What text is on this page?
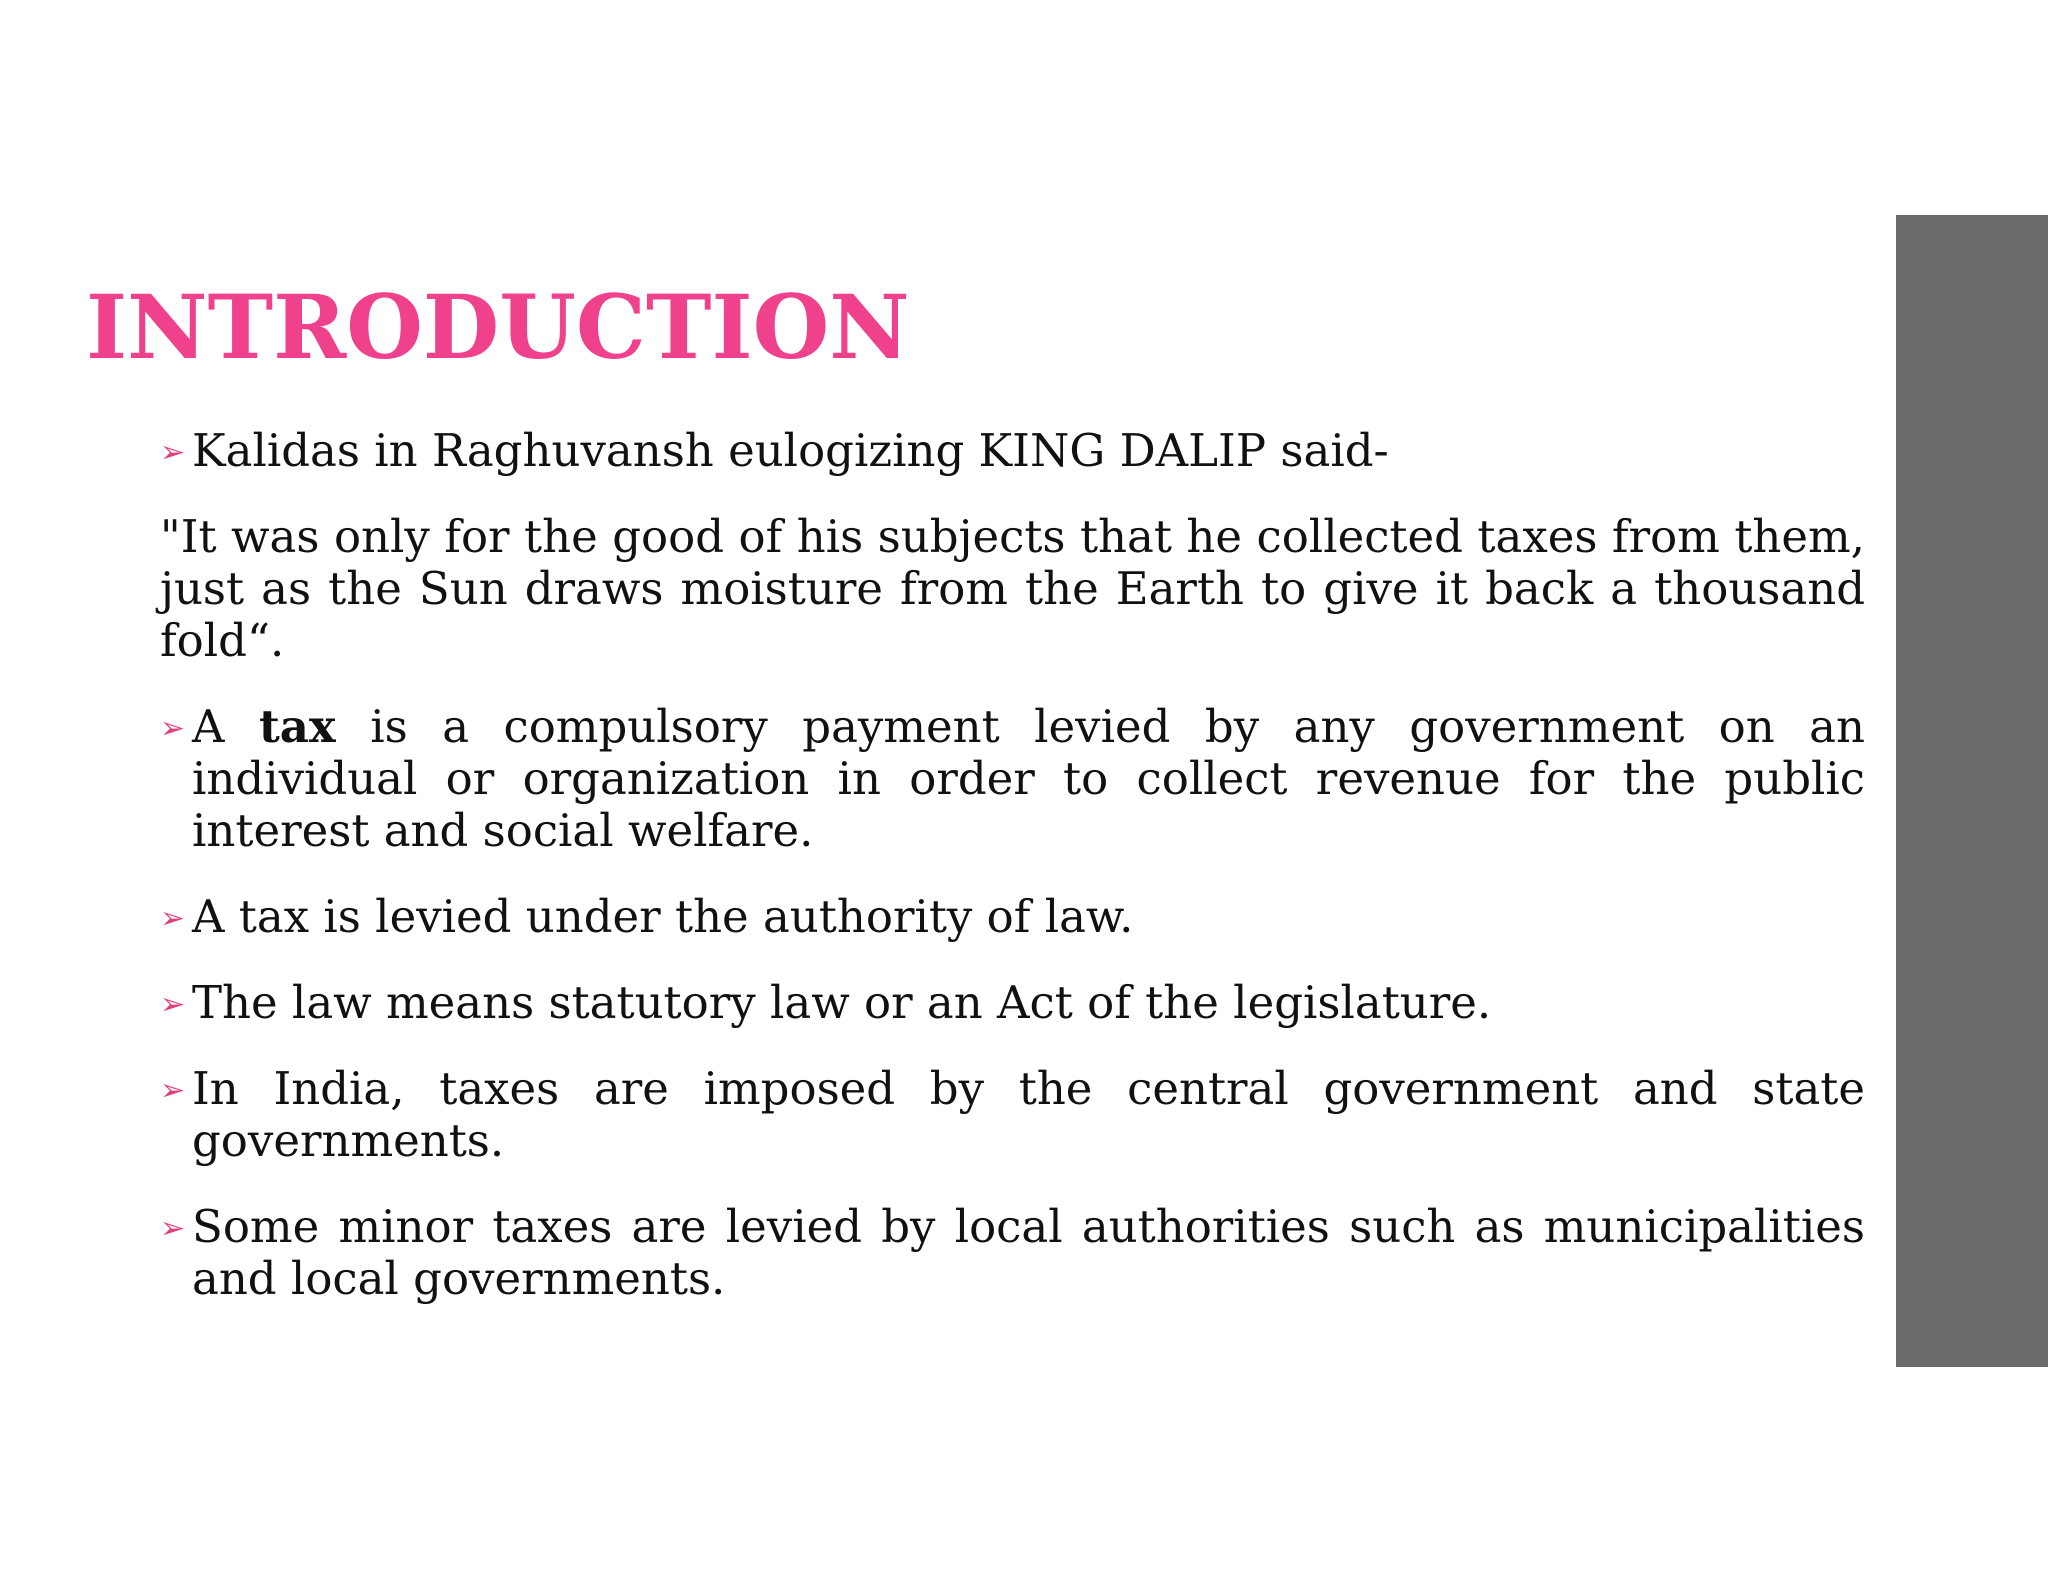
INTRODUCTION

➢ Kalidas in Raghuvansh eulogizing KING DALIP said-

"It was only for the good of his subjects that he collected taxes from them, just as the Sun draws moisture from the Earth to give it back a thousand fold“.

➢ A tax is a compulsory payment levied by any government on an individual or organization in order to collect revenue for the public interest and social welfare.

➢ A tax is levied under the authority of law.

➢ The law means statutory law or an Act of the legislature.

➢ In India, taxes are imposed by the central government and state governments.

➢ Some minor taxes are levied by local authorities such as municipalities and local governments.
